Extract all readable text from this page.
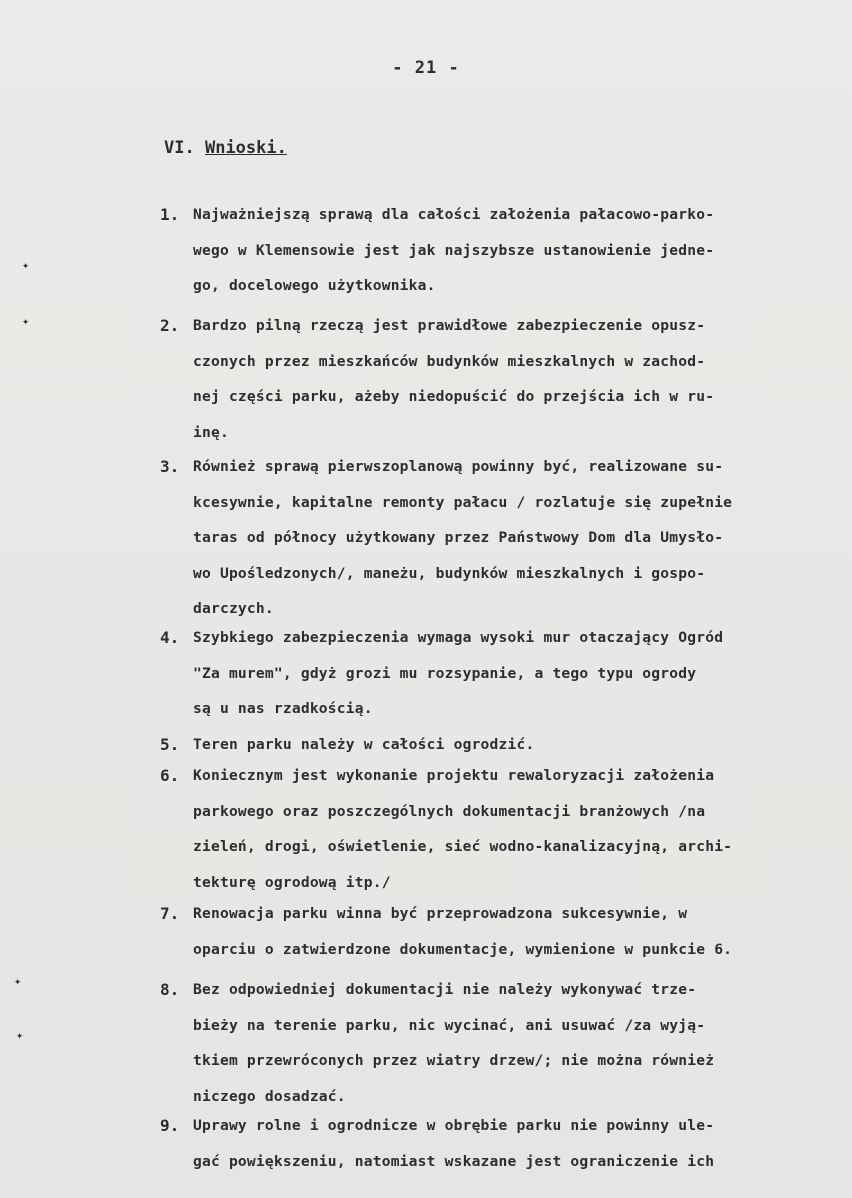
- 21 -
VI. Wnioski.
1. Najważniejszą sprawą dla całości założenia pałacowo-parko-
wego w Klemensowie jest jak najszybsze ustanowienie jedne-
go, docelowego użytkownika.
2. Bardzo pilną rzeczą jest prawidłowe zabezpieczenie opusz-
czonych przez mieszkańców budynków mieszkalnych w zachod-
nej części parku, ażeby niedopuścić do przejścia ich w ru-
inę.
3. Również sprawą pierwszoplanową powinny być, realizowane su-
kcesywnie, kapitalne remonty pałacu / rozlatuje się zupełnie
taras od północy użytkowany przez Państwowy Dom dla Umysło-
wo Upośledzonych/, maneżu, budynków mieszkalnych i gospo-
darczych.
4. Szybkiego zabezpieczenia wymaga wysoki mur otaczający Ogród
"Za murem", gdyż grozi mu rozsypanie, a tego typu ogrody
są u nas rzadkością.
5. Teren parku należy w całości ogrodzić.
6. Koniecznym jest wykonanie projektu rewaloryzacji założenia
parkowego oraz poszczególnych dokumentacji branżowych /na
zieleń, drogi, oświetlenie, sieć wodno-kanalizacyjną, archi-
tekturę ogrodową itp./
7. Renowacja parku winna być przeprowadzona sukcesywnie, w
oparciu o zatwierdzone dokumentacje, wymienione w punkcie 6.
8. Bez odpowiedniej dokumentacji nie należy wykonywać trze-
bieży na terenie parku, nic wycinać, ani usuwać /za wyją-
tkiem przewróconych przez wiatry drzew/; nie można również
niczego dosadzać.
9. Uprawy rolne i ogrodnicze w obrębie parku nie powinny ule-
gać powiększeniu, natomiast wskazane jest ograniczenie ich
✦
✦
✦
✦
